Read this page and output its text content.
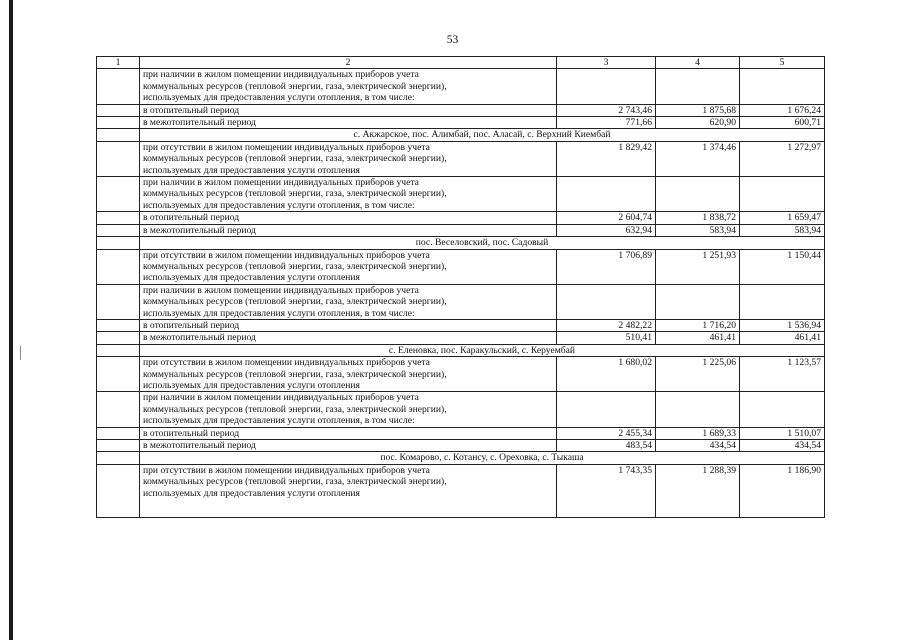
53
1	2	3	4	5
	при наличии в жилом помещении индивидуальных приборов учета
коммунальных ресурсов (тепловой энергии, газа, электрической энергии),
используемых для предоставления услуги отопления, в том числе:			
	в отопительный период	2 743,46	1 875,68	1 676,24
	в межотопительный период	771,66	620,90	600,71
	с. Акжарское, пос. Алимбай, пос. Аласай, с. Верхний Киембай			
	при отсутствии в жилом помещении индивидуальных приборов учета
коммунальных ресурсов (тепловой энергии, газа, электрической энергии),
используемых для предоставления услуги отопления	1 829,42	1 374,46	1 272,97
	при наличии в жилом помещении индивидуальных приборов учета
коммунальных ресурсов (тепловой энергии, газа, электрической энергии),
используемых для предоставления услуги отопления, в том числе:			
	в отопительный период	2 604,74	1 838,72	1 659,47
	в межотопительный период	632,94	583,94	583,94
	пос. Веселовский, пос. Садовый			
	при отсутствии в жилом помещении индивидуальных приборов учета
коммунальных ресурсов (тепловой энергии, газа, электрической энергии),
используемых для предоставления услуги отопления	1 706,89	1 251,93	1 150,44
	при наличии в жилом помещении индивидуальных приборов учета
коммунальных ресурсов (тепловой энергии, газа, электрической энергии),
используемых для предоставления услуги отопления, в том числе:			
	в отопительный период	2 482,22	1 716,20	1 536,94
	в межотопительный период	510,41	461,41	461,41
	с. Еленовка, пос. Каракульский, с. Керуембай			
	при отсутствии в жилом помещении индивидуальных приборов учета
коммунальных ресурсов (тепловой энергии, газа, электрической энергии),
используемых для предоставления услуги отопления	1 680,02	1 225,06	1 123,57
	при наличии в жилом помещении индивидуальных приборов учета
коммунальных ресурсов (тепловой энергии, газа, электрической энергии),
используемых для предоставления услуги отопления, в том числе:			
	в отопительный период	2 455,34	1 689,33	1 510,07
	в межотопительный период	483,54	434,54	434,54
	пос. Комарово, с. Котансу, с. Ореховка, с. Тыкаша			
	при отсутствии в жилом помещении индивидуальных приборов учета
коммунальных ресурсов (тепловой энергии, газа, электрической энергии),
используемых для предоставления услуги отопления	1 743,35	1 288,39	1 186,90
